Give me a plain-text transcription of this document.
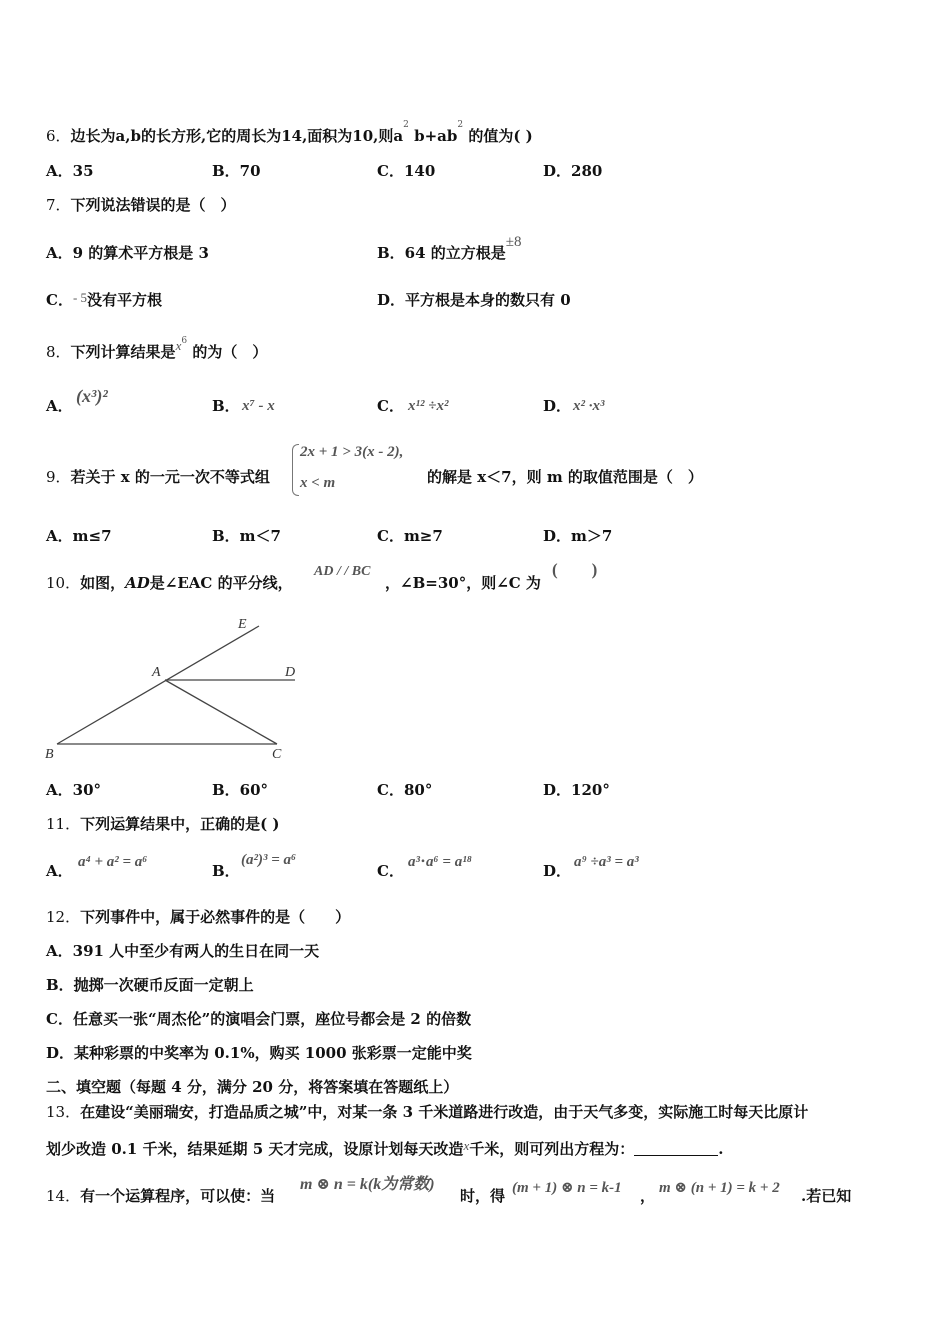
6．边长为a,b的长方形,它的周长为14,面积为10,则$a^2$ $b+ab^2$ 的值为( )
A．35	B．70	C．140	D．280
7．下列说法错误的是（　）
A．9 的算术平方根是 3	B．64 的立方根是±8
C．- 5没有平方根	D．平方根是本身的数只有 0
8．下列计算结果是$x^6$ 的为（　）
A． (x³)²	B． x⁷ - x	C． x¹² ÷x²	D． x² ·x³
9．若关于 x 的一元一次不等式组
2x + 1 > 3(x - 2),
x < m	的解是 x＜7，则 m 的取值范围是（　）
A．m≤7	B．m＜7	C．m≥7	D．m＞7
10．如图，AD是∠EAC 的平分线，
AD / / BC
，∠B=30°，则∠C 为
(　　)
E
A	D
B	C
A．30°	B．60°	C．80°	D．120°
11．下列运算结果中，正确的是( )
A． a⁴ + a² = a⁶	B．
(a²)³ = a⁶
C． a³⋅a⁶ = a¹⁸	D． a⁹ ÷a³ = a³
12．下列事件中，属于必然事件的是（　　）
A．391 人中至少有两人的生日在同一天
B．抛掷一次硬币反面一定朝上
C．任意买一张“周杰伦”的演唱会门票，座位号都会是 2 的倍数
D．某种彩票的中奖率为 0.1%，购买 1000 张彩票一定能中奖
二、填空题（每题 4 分，满分 20 分，将答案填在答题纸上）
13．在建设“美丽瑞安，打造品质之城”中，对某一条 3 千米道路进行改造，由于天气多变，实际施工时每天比原计
划少改造 0.1 千米，结果延期 5 天才完成，设原计划每天改造x千米，则可列出方程为：	.
14．有一个运算程序，可以使：当
m ⊗ n = k(k为常数)
时，得 (m + 1) ⊗ n = k-1 ， m ⊗ (n + 1) = k + 2 .若已知
